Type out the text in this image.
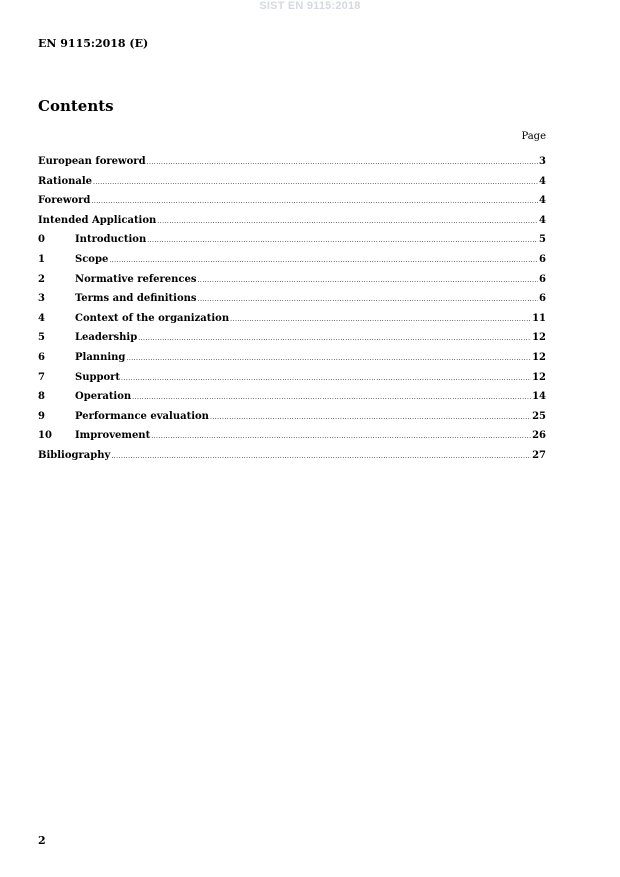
SIST EN 9115:2018
EN 9115:2018 (E)
Contents
Page
European foreword .....	3
Rationale .....	4
Foreword .....	4
Intended Application .....	4
0	Introduction .....	5
1	Scope .....	6
2	Normative references .....	6
3	Terms and definitions .....	6
4	Context of the organization .....	11
5	Leadership .....	12
6	Planning .....	12
7	Support .....	12
8	Operation .....	14
9	Performance evaluation .....	25
10	Improvement .....	26
Bibliography .....	27
2
